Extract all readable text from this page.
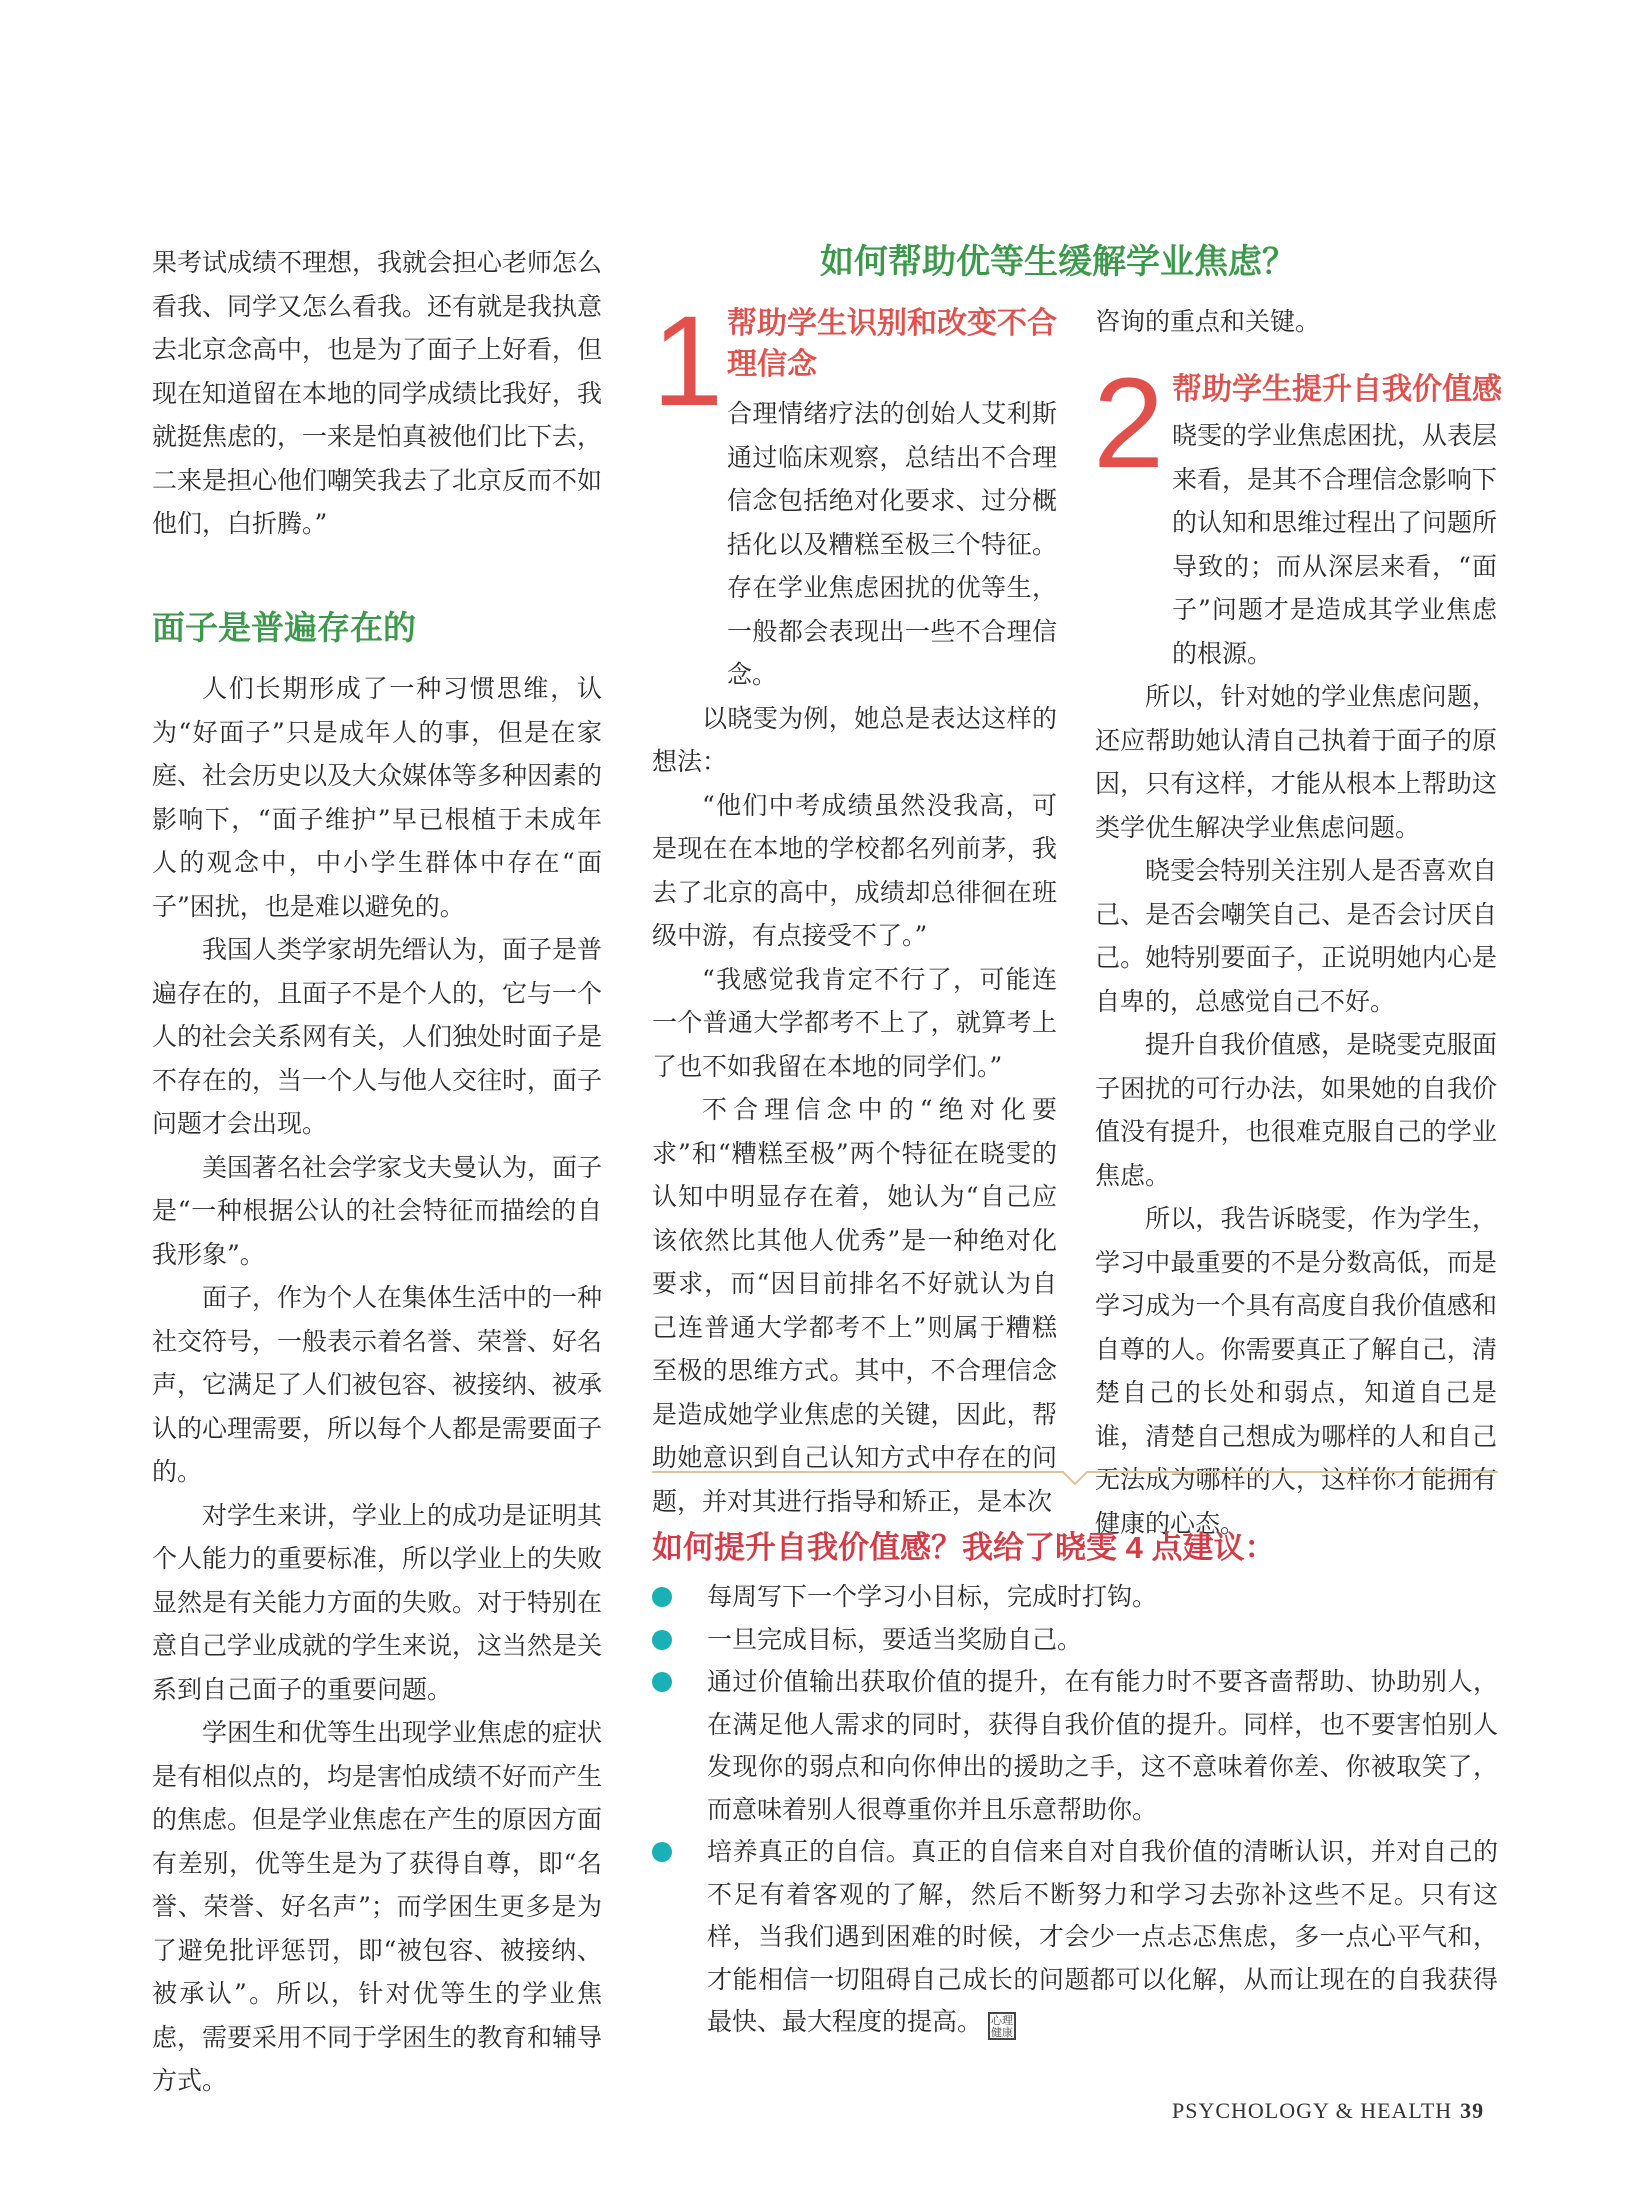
果考试成绩不理想，我就会担心老师怎么看我、同学又怎么看我。还有就是我执意去北京念高中，也是为了面子上好看，但现在知道留在本地的同学成绩比我好，我就挺焦虑的，一来是怕真被他们比下去，二来是担心他们嘲笑我去了北京反而不如他们，白折腾。”

面子是普遍存在的

人们长期形成了一种习惯思维，认为“好面子”只是成年人的事，但是在家庭、社会历史以及大众媒体等多种因素的影响下，“面子维护”早已根植于未成年人的观念中，中小学生群体中存在“面子”困扰，也是难以避免的。

我国人类学家胡先缙认为，面子是普遍存在的，且面子不是个人的，它与一个人的社会关系网有关，人们独处时面子是不存在的，当一个人与他人交往时，面子问题才会出现。

美国著名社会学家戈夫曼认为，面子是“一种根据公认的社会特征而描绘的自我形象”。

面子，作为个人在集体生活中的一种社交符号，一般表示着名誉、荣誉、好名声，它满足了人们被包容、被接纳、被承认的心理需要，所以每个人都是需要面子的。

对学生来讲，学业上的成功是证明其个人能力的重要标准，所以学业上的失败显然是有关能力方面的失败。对于特别在意自己学业成就的学生来说，这当然是关系到自己面子的重要问题。

学困生和优等生出现学业焦虑的症状是有相似点的，均是害怕成绩不好而产生的焦虑。但是学业焦虑在产生的原因方面有差别，优等生是为了获得自尊，即“名誉、荣誉、好名声”；而学困生更多是为了避免批评惩罚，即“被包容、被接纳、被承认”。所以，针对优等生的学业焦虑，需要采用不同于学困生的教育和辅导方式。

如何帮助优等生缓解学业焦虑？
1 帮助学生识别和改变不合理信念

合理情绪疗法的创始人艾利斯通过临床观察，总结出不合理信念包括绝对化要求、过分概括化以及糟糕至极三个特征。存在学业焦虑困扰的优等生，一般都会表现出一些不合理信念。

以晓雯为例，她总是表达这样的想法：

“他们中考成绩虽然没我高，可是现在在本地的学校都名列前茅，我去了北京的高中，成绩却总徘徊在班级中游，有点接受不了。”

“我感觉我肯定不行了，可能连一个普通大学都考不上了，就算考上了也不如我留在本地的同学们。”

不合理信念中的“绝对化要求”和“糟糕至极”两个特征在晓雯的认知中明显存在着，她认为“自己应该依然比其他人优秀”是一种绝对化要求，而“因目前排名不好就认为自己连普通大学都考不上”则属于糟糕至极的思维方式。其中，不合理信念是造成她学业焦虑的关键，因此，帮助她意识到自己认知方式中存在的问题，并对其进行指导和矫正，是本次

咨询的重点和关键。

2 帮助学生提升自我价值感

晓雯的学业焦虑困扰，从表层来看，是其不合理信念影响下的认知和思维过程出了问题所导致的；而从深层来看，“面子”问题才是造成其学业焦虑的根源。

所以，针对她的学业焦虑问题，还应帮助她认清自己执着于面子的原因，只有这样，才能从根本上帮助这类学优生解决学业焦虑问题。

晓雯会特别关注别人是否喜欢自己、是否会嘲笑自己、是否会讨厌自己。她特别要面子，正说明她内心是自卑的，总感觉自己不好。

提升自我价值感，是晓雯克服面子困扰的可行办法，如果她的自我价值没有提升，也很难克服自己的学业焦虑。

所以，我告诉晓雯，作为学生，学习中最重要的不是分数高低，而是学习成为一个具有高度自我价值感和自尊的人。你需要真正了解自己，清楚自己的长处和弱点，知道自己是谁，清楚自己想成为哪样的人和自己无法成为哪样的人，这样你才能拥有健康的心态。

如何提升自我价值感？我给了晓雯 4 点建议：
每周写下一个学习小目标，完成时打钩。
一旦完成目标，要适当奖励自己。
通过价值输出获取价值的提升，在有能力时不要吝啬帮助、协助别人，在满足他人需求的同时，获得自我价值的提升。同样，也不要害怕别人发现你的弱点和向你伸出的援助之手，这不意味着你差、你被取笑了，而意味着别人很尊重你并且乐意帮助你。
培养真正的自信。真正的自信来自对自我价值的清晰认识，并对自己的不足有着客观的了解，然后不断努力和学习去弥补这些不足。只有这样，当我们遇到困难的时候，才会少一点忐忑焦虑，多一点心平气和，才能相信一切阻碍自己成长的问题都可以化解，从而让现在的自我获得最快、最大程度的提高。 心理 健康
PSYCHOLOGY & HEALTH 39
